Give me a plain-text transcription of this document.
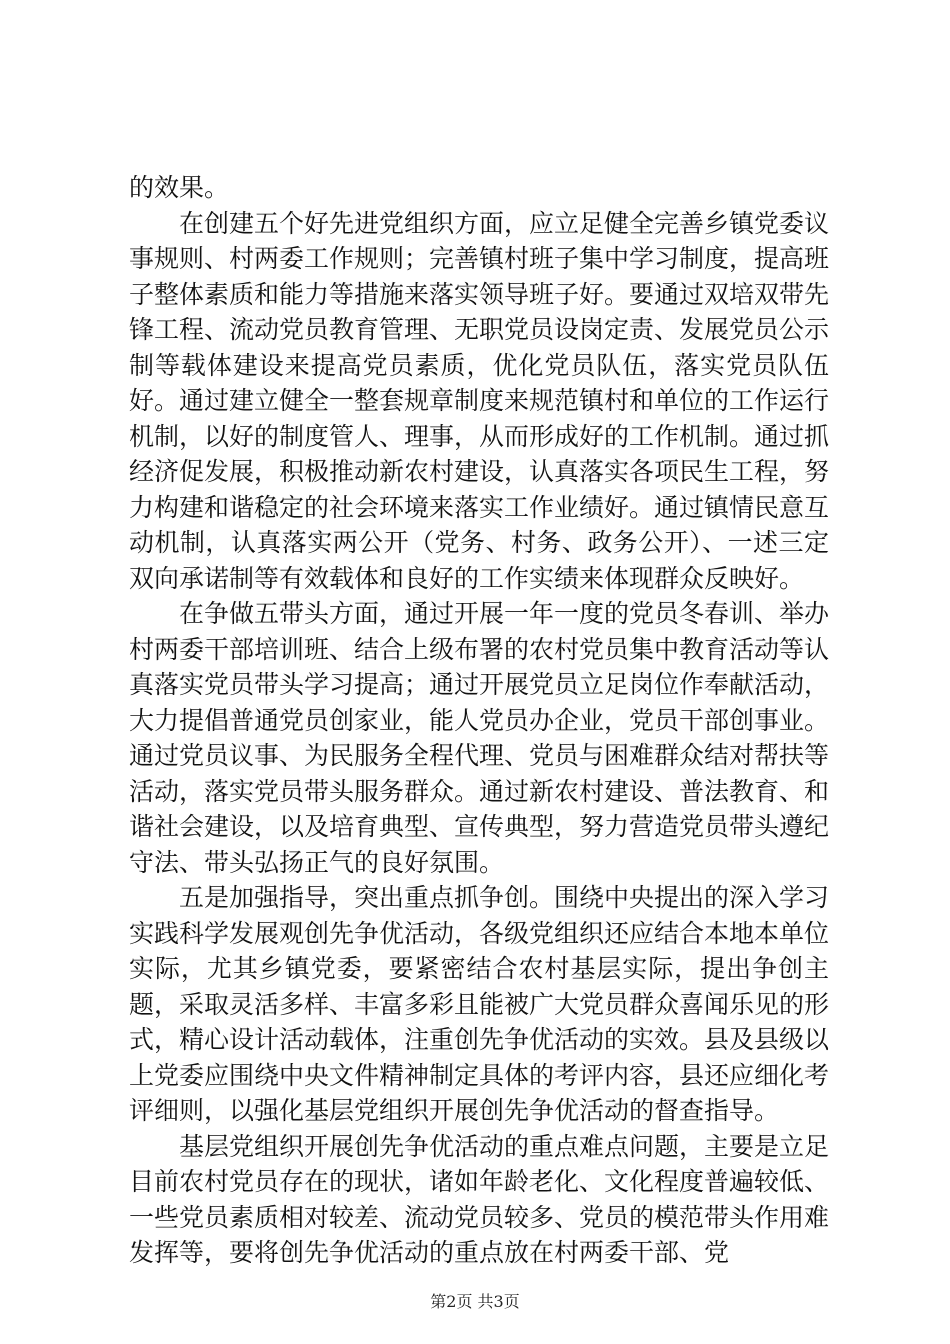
的效果。

在创建五个好先进党组织方面，应立足健全完善乡镇党委议事规则、村两委工作规则；完善镇村班子集中学习制度，提高班子整体素质和能力等措施来落实领导班子好。要通过双培双带先锋工程、流动党员教育管理、无职党员设岗定责、发展党员公示制等载体建设来提高党员素质，优化党员队伍，落实党员队伍好。通过建立健全一整套规章制度来规范镇村和单位的工作运行机制，以好的制度管人、理事，从而形成好的工作机制。通过抓经济促发展，积极推动新农村建设，认真落实各项民生工程，努力构建和谐稳定的社会环境来落实工作业绩好。通过镇情民意互动机制，认真落实两公开（党务、村务、政务公开）、一述三定双向承诺制等有效载体和良好的工作实绩来体现群众反映好。

在争做五带头方面，通过开展一年一度的党员冬春训、举办村两委干部培训班、结合上级布署的农村党员集中教育活动等认真落实党员带头学习提高；通过开展党员立足岗位作奉献活动，大力提倡普通党员创家业，能人党员办企业，党员干部创事业。通过党员议事、为民服务全程代理、党员与困难群众结对帮扶等活动，落实党员带头服务群众。通过新农村建设、普法教育、和谐社会建设，以及培育典型、宣传典型，努力营造党员带头遵纪守法、带头弘扬正气的良好氛围。

五是加强指导，突出重点抓争创。围绕中央提出的深入学习实践科学发展观创先争优活动，各级党组织还应结合本地本单位实际，尤其乡镇党委，要紧密结合农村基层实际，提出争创主题，采取灵活多样、丰富多彩且能被广大党员群众喜闻乐见的形式，精心设计活动载体，注重创先争优活动的实效。县及县级以上党委应围绕中央文件精神制定具体的考评内容，县还应细化考评细则，以强化基层党组织开展创先争优活动的督查指导。

基层党组织开展创先争优活动的重点难点问题，主要是立足目前农村党员存在的现状，诸如年龄老化、文化程度普遍较低、一些党员素质相对较差、流动党员较多、党员的模范带头作用难发挥等，要将创先争优活动的重点放在村两委干部、党

第2页 共3页
